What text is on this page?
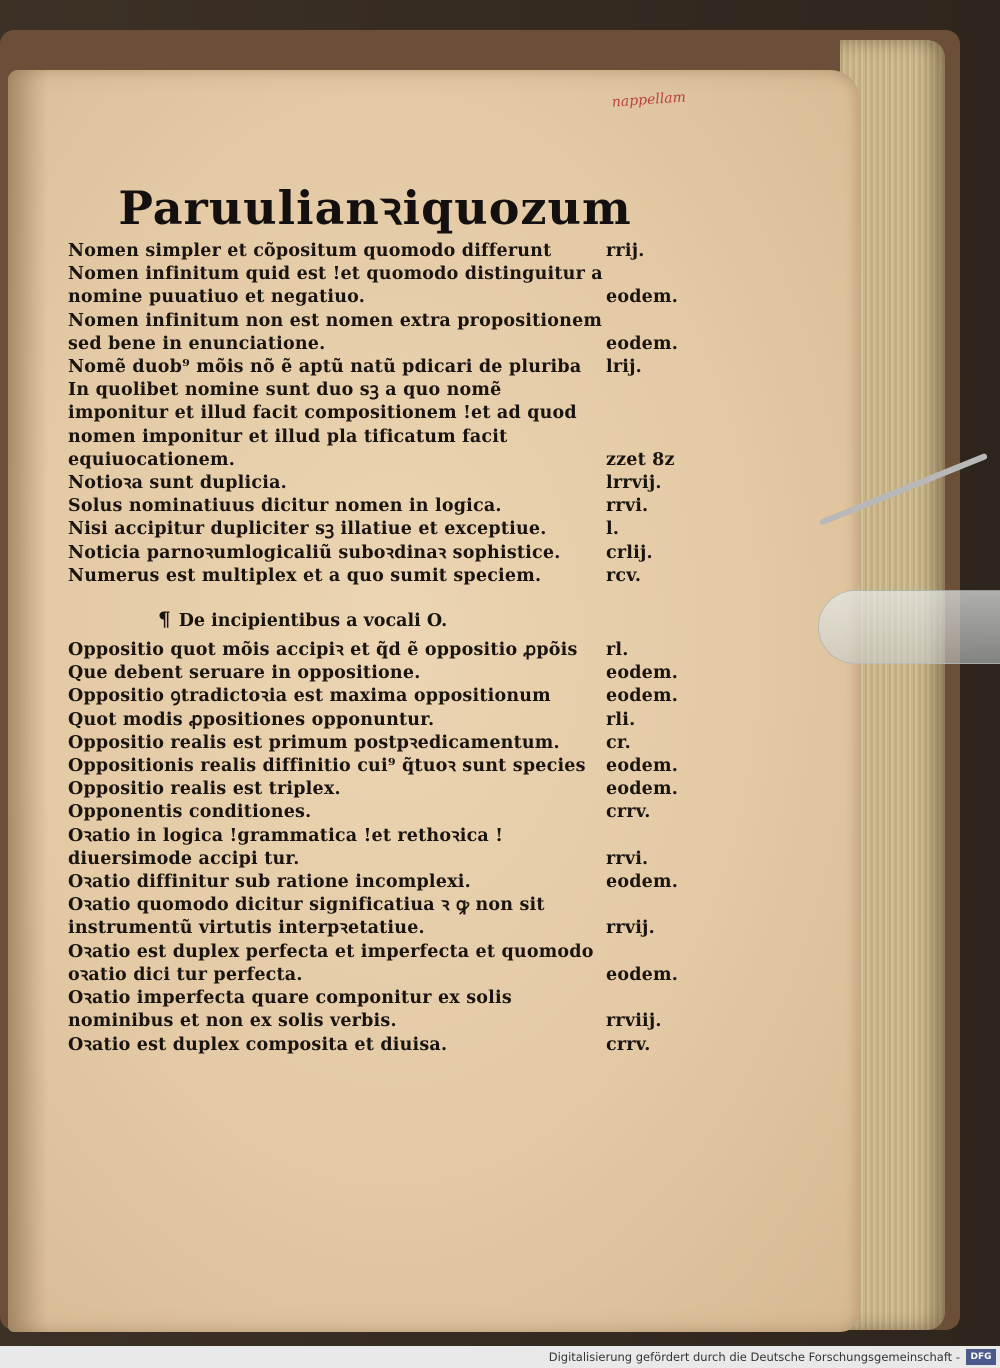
nappellam
Paruulianꝛiquozum
Nomen simpler et cõpositum quomodo differunt	rrij.
Nomen infinitum quid est !et quomodo distinguitur a nomine puuatiuo et negatiuo.	eodem.
Nomen infinitum non est nomen extra propositionem sed bene in enunciatione.	eodem.
Nomẽ duob⁹ mõis nõ ẽ aptũ natũ pdicari de pluriba	lrij.
In quolibet nomine sunt duo sꝫ a quo nomẽ imponitur et illud facit compositionem !et ad quod nomen imponitur et illud pla tificatum facit equiuocationem.	zzet 8z
Notioꝛa sunt duplicia.	lrrvij.
Solus nominatiuus dicitur nomen in logica.	rrvi.
Nisi accipitur dupliciter sꝫ illatiue et exceptiue.	l.
Noticia parnoꝛumlogicaliũ suboꝛdinaꝛ sophistice.	crlij.
Numerus est multiplex et a quo sumit speciem.	rcv.
¶ De incipientibus a vocali O.
Oppositio quot mõis accipiꝛ et q̃d ẽ oppositio ꝓpõis	rl.
Que debent seruare in oppositione.	eodem.
Oppositio ꝯtradictoꝛia est maxima oppositionum	eodem.
Quot modis ꝓpositiones opponuntur.	rli.
Oppositio realis est primum postpꝛedicamentum.	cr.
Oppositionis realis diffinitio cui⁹ q̃tuoꝛ sunt species	eodem.
Oppositio realis est triplex.	eodem.
Opponentis conditiones.	crrv.
Oꝛatio in logica !grammatica !et rethoꝛica ! diuersimode accipi tur.	rrvi.
Oꝛatio diffinitur sub ratione incomplexi.	eodem.
Oꝛatio quomodo dicitur significatiua ꝛ ꝙ non sit instrumentũ virtutis interpꝛetatiue.	rrvij.
Oꝛatio est duplex perfecta et imperfecta et quomodo oꝛatio dici tur perfecta.	eodem.
Oꝛatio imperfecta quare componitur ex solis nominibus et non ex solis verbis.	rrviij.
Oꝛatio est duplex composita et diuisa.	crrv.
Digitalisierung gefördert durch die Deutsche Forschungsgemeinschaft -	DFG
